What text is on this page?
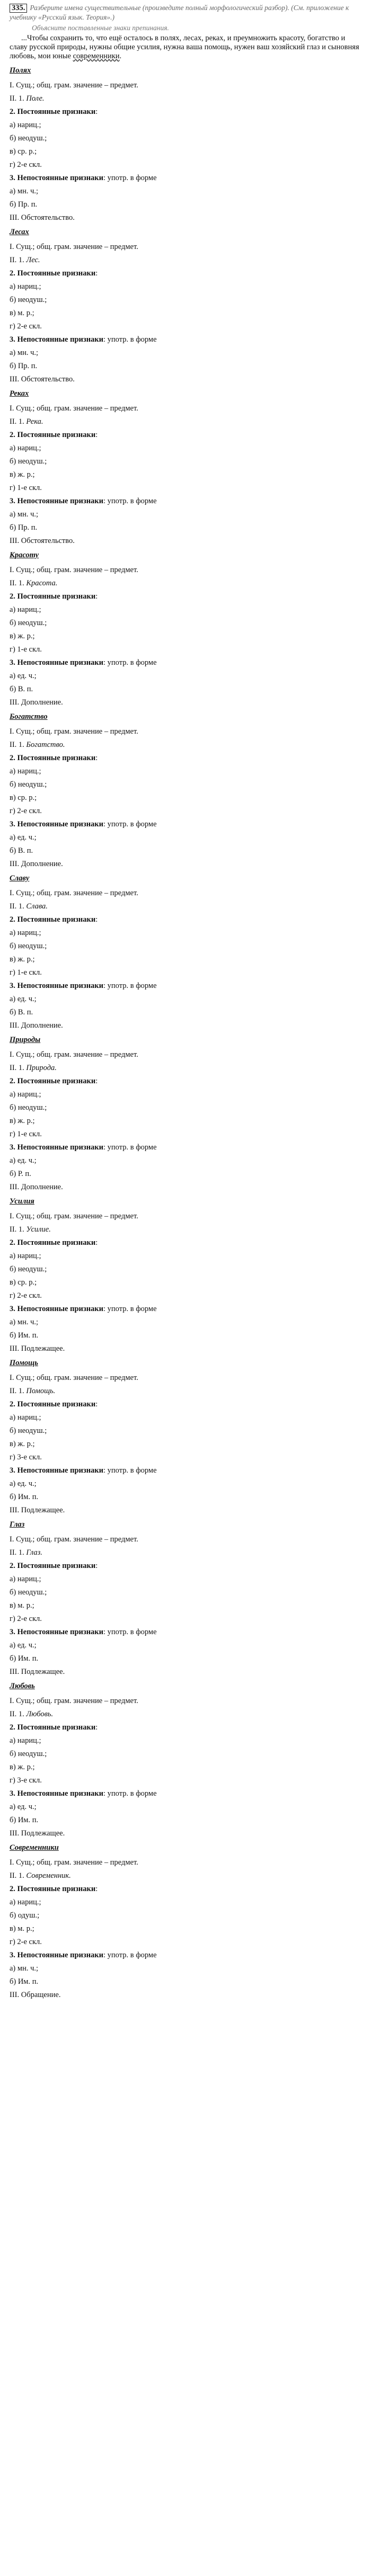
335. Разберите имена существительные (произведите полный морфологический разбор). (См. приложение к учебнику «Русский язык. Теория».)
Объясните поставленные знаки препинания.

...Чтобы сохранить то, что ещё осталось в полях, лесах, реках, и преумножить красоту, богатство и славу русской природы, нужны общие усилия, нужна ваша помощь, нужен ваш хозяйский глаз и сыновняя любовь, мои юные современники.

Полях
I. Сущ.; общ. грам. значение – предмет.
II. 1. Поле.
2. Постоянные признаки:
а) нариц.;
б) неодуш.;
в) ср. р.;
г) 2-е скл.
3. Непостоянные признаки: употр. в форме
а) мн. ч.;
б) Пр. п.
III. Обстоятельство.
Лесах
I. Сущ.; общ. грам. значение – предмет.
II. 1. Лес.
2. Постоянные признаки:
а) нариц.;
б) неодуш.;
в) м. р.;
г) 2-е скл.
3. Непостоянные признаки: употр. в форме
а) мн. ч.;
б) Пр. п.
III. Обстоятельство.
Реках
I. Сущ.; общ. грам. значение – предмет.
II. 1. Река.
2. Постоянные признаки:
а) нариц.;
б) неодуш.;
в) ж. р.;
г) 1-е скл.
3. Непостоянные признаки: употр. в форме
а) мн. ч.;
б) Пр. п.
III. Обстоятельство.
Красоту
I. Сущ.; общ. грам. значение – предмет.
II. 1. Красота.
2. Постоянные признаки:
а) нариц.;
б) неодуш.;
в) ж. р.;
г) 1-е скл.
3. Непостоянные признаки: употр. в форме
а) ед. ч.;
б) В. п.
III. Дополнение.
Богатство
I. Сущ.; общ. грам. значение – предмет.
II. 1. Богатство.
2. Постоянные признаки:
а) нариц.;
б) неодуш.;
в) ср. р.;
г) 2-е скл.
3. Непостоянные признаки: употр. в форме
а) ед. ч.;
б) В. п.
III. Дополнение.
Славу
I. Сущ.; общ. грам. значение – предмет.
II. 1. Слава.
2. Постоянные признаки:
а) нариц.;
б) неодуш.;
в) ж. р.;
г) 1-е скл.
3. Непостоянные признаки: употр. в форме
а) ед. ч.;
б) В. п.
III. Дополнение.
Природы
I. Сущ.; общ. грам. значение – предмет.
II. 1. Природа.
2. Постоянные признаки:
а) нариц.;
б) неодуш.;
в) ж. р.;
г) 1-е скл.
3. Непостоянные признаки: употр. в форме
а) ед. ч.;
б) Р. п.
III. Дополнение.
Усилия
I. Сущ.; общ. грам. значение – предмет.
II. 1. Усилие.
2. Постоянные признаки:
а) нариц.;
б) неодуш.;
в) ср. р.;
г) 2-е скл.
3. Непостоянные признаки: употр. в форме
а) мн. ч.;
б) Им. п.
III. Подлежащее.
Помощь
I. Сущ.; общ. грам. значение – предмет.
II. 1. Помощь.
2. Постоянные признаки:
а) нариц.;
б) неодуш.;
в) ж. р.;
г) 3-е скл.
3. Непостоянные признаки: употр. в форме
а) ед. ч.;
б) Им. п.
III. Подлежащее.
Глаз
I. Сущ.; общ. грам. значение – предмет.
II. 1. Глаз.
2. Постоянные признаки:
а) нариц.;
б) неодуш.;
в) м. р.;
г) 2-е скл.
3. Непостоянные признаки: употр. в форме
а) ед. ч.;
б) Им. п.
III. Подлежащее.
Любовь
I. Сущ.; общ. грам. значение – предмет.
II. 1. Любовь.
2. Постоянные признаки:
а) нариц.;
б) неодуш.;
в) ж. р.;
г) 3-е скл.
3. Непостоянные признаки: употр. в форме
а) ед. ч.;
б) Им. п.
III. Подлежащее.
Современники
I. Сущ.; общ. грам. значение – предмет.
II. 1. Современник.
2. Постоянные признаки:
а) нариц.;
б) одуш.;
в) м. р.;
г) 2-е скл.
3. Непостоянные признаки: употр. в форме
а) мн. ч.;
б) Им. п.
III. Обращение.
